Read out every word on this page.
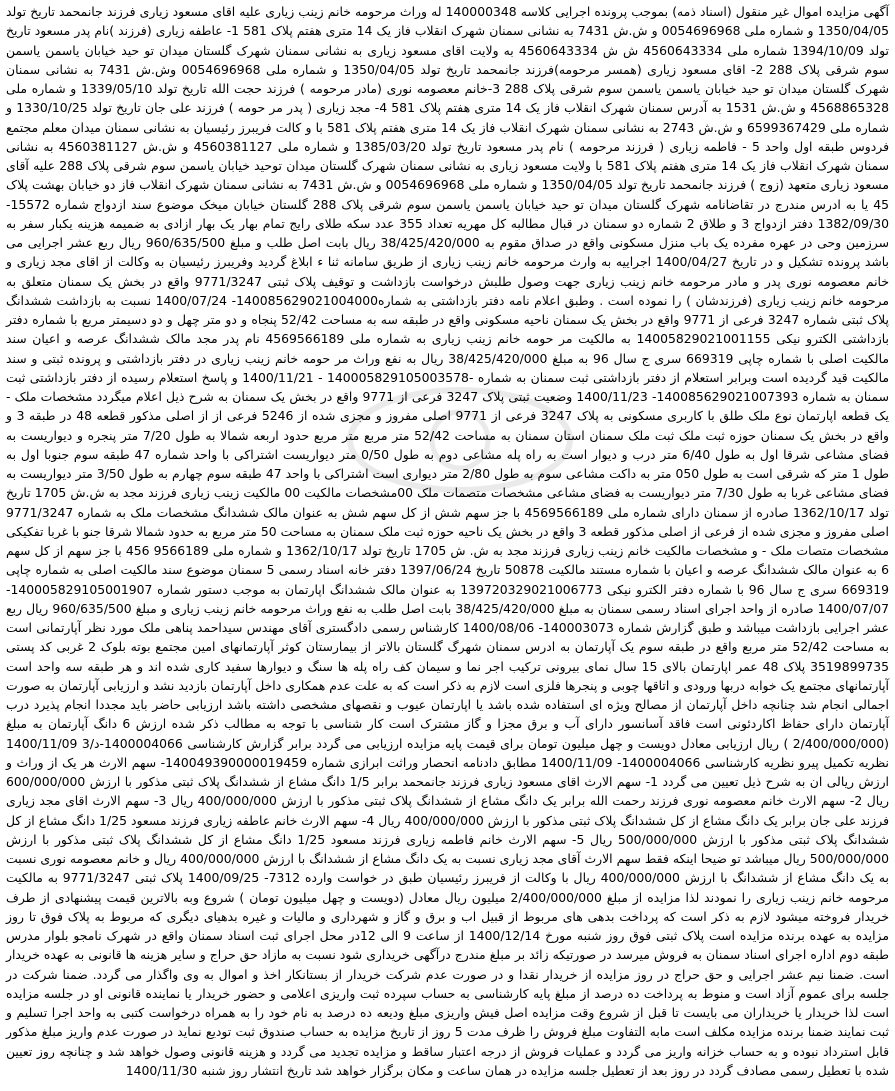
آگهی مزایده اموال غیر منقول (اسناد ذمه) بموجب پرونده اجرایی کلاسه 140000348 له وراث مرحومه خانم زینب زیاری علیه اقای مسعود زیاری فرزند جانمحمد تاریخ تولد 1350/04/05 و شماره ملی 0054696968 و ش.ش 7431 به نشانی سمنان شهرک انقلاب فاز یک 14 متری هفتم پلاک 581 1- عاطفه زیاری (فرزند )نام پدر مسعود تاریخ تولد 1394/10/09 شماره ملی 4560643334 ش ش 4560643334 به ولایت اقای مسعود زیاری به نشانی سمنان شهرک گلستان میدان تو حید خیابان یاسمن یاسمن سوم شرقی پلاک 288 2- اقای مسعود زیاری (همسر مرحومه)فرزند جانمحمد تاریخ تولد 1350/04/05 و شماره ملی 0054696968 وش.ش 7431 به نشانی سمنان شهرک گلستان میدان تو حید خیابان یاسمن یاسمن سوم شرقی پلاک 288 3-خانم معصومه نوری (مادر مرحومه ) فرزند حجت الله تاریخ تولد 1339/05/10 و شماره ملی 4568865328 و ش.ش 1531 به آدرس سمنان شهرک انقلاب فاز یک 14 متری هفتم پلاک 581 4- مجد زیاری ( پدر مر حومه ) فرزند علی جان تاریخ تولد 1330/10/25 و شماره ملی 6599367429 و ش.ش 2743 به نشانی سمنان شهرک انقلاب فاز یک 14 متری هفتم پلاک 581 با و کالت فریبرز رئیسیان به نشانی سمنان میدان معلم مجتمع فردوس طبقه اول واحد 5 - فاطمه زیاری ( فرزند مرحومه ) نام پدر مسعود تاریخ تولد 1385/03/20 و شماره ملی 4560381127 و ش.ش 4560381127 به نشانی سمنان شهرک انقلاب فاز یک 14 متری هفتم پلاک 581 با ولایت مسعود زیاری به نشانی سمنان شهرک گلستان میدان توحید خیابان یاسمن سوم شرقی پلاک 288 علیه آقای مسعود زیاری متعهد (زوج ) فرزند جانمحمد تاریخ تولد 1350/04/05 و شماره ملی 0054696968 و ش.ش 7431 به نشانی سمنان شهرک انقلاب فاز دو خیابان بهشت پلاک 45 یا به ادرس مندرج در تقاضانامه شهرک گلستان میدان تو حید خیابان یاسمن یاسمن سوم شرقی پلاک 288 گلستان خیابان میخک موضوع سند ازدواج شماره 15572- 1382/09/30 دفتر ازدواج 3 و طلاق 2 شماره دو سمنان در قبال مطالبه کل مهریه تعداد 355 عدد سکه طلای رایج تمام بهار یک بهار ازادی به ضمیمه هزینه یکبار سفر به سرزمین وحی در عهره مفرده یک باب منزل مسکونی واقع در صداق مقوم به 38/425/420/000 ریال بابت اصل طلب و مبلغ 960/635/500 ریال ربع عشر اجرایی می باشد پرونده تشکیل و در تاریخ 1400/04/27 اجراییه به وارث مرحومه خانم زینب زیاری از طریق سامانه ثنا ء ابلاغ گردید وفریبرز رئیسیان به وکالت از اقای مجد زیاری و خانم معصومه نوری پدر و مادر مرحومه خانم زینب زیاری جهت وصول طلبش درخواست بازداشت و توقیف پلاک ثبتی 9771/3247 واقع در بخش یک سمنان متعلق به مرحومه خانم زینب زیاری (فرزندشان ) را نموده است . وطبق اعلام نامه دفتر بازداشتی به شماره140085629021004000- 1400/07/24 نسبت به بازداشت ششدانگ پلاک ثبتی شماره 3247 فرعی از 9771 واقع در بخش یک سمنان ناحیه مسکونی واقع در طبقه سه به مساحت 52/42 پنجاه و دو متر چهل و دو دسیمتر مربع با شماره دفتر بازداشتی الکترو نیکی 14005829021001155 به مالکیت مر حومه خانم زینب زیاری به شماره ملی 4569566189 نام پدر مجد مالک ششدانگ عرصه و اعیان سند مالکیت اصلی با شماره چاپی 669319 سری ج سال 96 به مبلغ 38/425/420/000 ریال به نفع وراث مر حومه خانم زینب زیاری در دفتر بازداشتی و پرونده ثبتی و سند مالکیت قید گردیده است وبرابر استعلام از دفتر بازداشتی ثبت سمنان به شماره -140005829105003578 - 1400/11/21 و پاسخ استعلام رسیده از دفتر بازداشتی ثبت سمنان به شماره 140085629021007393- 1400/11/23 وضعیت ثبتی پلاک 3247 فرعی از 9771 واقع در بخش یک سمنان به شرح ذیل اعلام میگردد مشخصات ملک - یک قطعه اپارتمان نوع ملک طلق با کاربری مسکونی به پلاک 3247 فرعی از 9771 اصلی مفروز و مجزی شده از 5246 فرعی از از اصلی مذکور قطعه 48 در طبقه 3 و واقع در بخش یک سمنان حوزه ثبت ملک ثبت ملک سمنان استان سمنان به مساحت 52/42 متر مربع متر مربع حدود اربعه شمالا به طول 7/20 متر پنجره و دیواریست به فضای مشاعی شرقا اول به طول 6/40 متر درب و دیوار است به راه پله مشاعی دوم به طول 0/50 متر دیواریست اشتراکی با واحد شماره 47 طبقه سوم جنوبا اول به طول 1 متر که شرقی است به طول 050 متر به داکت مشاعی سوم به طول 2/80 متر دیواری است اشتراکی با واحد 47 طبقه سوم چهارم به طول 3/50 متر دیواریست به فضای مشاعی غربا به طول 7/30 متر دیواریست به فضای مشاعی مشخصات متصمات ملک 00مشخصات مالکیت 00 مالکیت زینب زیاری فرزند مجد به ش.ش 1705 تاریخ تولد 1362/10/17 صادره از سمنان دارای شماره ملی 4569566189 با جز سهم شش از کل سهم شش به عنوان مالک ششدانگ مشخصات ملک به شماره 9771/3247 اصلی مفروز و مجزی شده از فرعی از اصلی مذکور قطعه 3 واقع در بخش یک ناحیه حوزه ثبت ملک سمنان به مساحت 50 متر مربع به حدود شمالا شرقا جنو با غربا تفکیکی مشخصات متصات ملک - و مشخصات مالکیت خانم زینب زیاری فرزند مجد به ش. ش 1705 تاریخ تولد 1362/10/17 و شماره ملی 9566189 456 با جز سهم از کل سهم 6 به عنوان مالک ششدانگ عرصه و اعیان با شماره مستند مالکیت 50878 تاریخ 1397/06/24 دفتر خانه اسناد رسمی 5 سمنان موضوع سند مالکیت اصلی به شماره چاپی 669319 سری ج سال 96 با شماره دفتر الکترو نیکی 139720329021006773 به عنوان مالک ششدانگ اپارتمان به موجب دستور شماره 140005829105001907- 1400/07/07 صادره از واحد اجرای اسناد رسمی سمنان به مبلغ 38/425/420/000 بابت اصل طلب به نفع وراث مرحومه خانم زینب زیاری و مبلغ 960/635/500 ریال ربع عشر اجرایی بازداشت میباشد و طبق گزارش شماره 140003073- 1400/08/06 کارشناس رسمی دادگستری آقای مهندس سیداحمد پناهی ملک مورد نظر آپارتمانی است به مساحت 52/42 متر مربع واقع در طبقه سوم یک آپارتمان به ادرس سمنان شهرگ گلستان بالاتر از بیمارستان کوثر آپارتمانهای امین مجتمع بوته بلوک 2 غربی کد پستی 3519899735 پلاک 48 عمر اپارتمان بالای 15 سال نمای بیرونی ترکیب اجر نما و سیمان کف راه پله ها سنگ و دیوارها سفید کاری شده اند و هر طبقه سه واحد است آپارتمانهای مجتمع یک خوابه دربها ورودی و اتاقها چوبی و پنجرها فلزی است لازم به ذکر است که به علت عدم همکاری داخل آپارتمان بازدید نشد و ارزیابی آپارتمان به صورت اجمالی انجام شد چنانچه داخل آپارتمان از مصالح ویژه ای استفاده شده باشد یا اپارتمان عیوب و نقصهای مشخصی داشته باشد ارزیابی حاضر باید مجددا انجام پذیرد درب آپارتمان دارای حفاظ اکاردئونی است فاقد آسانسور دارای آب و برق مجزا و گاز مشترک است کار شناسی با توجه به مطالب ذکر شده ارزش 6 دانگ آپارتمان به مبلغ (2/400/000/000 ) ریال ارزیابی معادل دویست و چهل میلیون تومان برای قیمت پایه مزایده ارزیابی می گردد برابر گزارش کارشناسی 1400004066-د/3 1400/11/09 نظریه تکمیل پیرو نظریه کارشناسی 1400004066- 1400/11/09 مطابق دادنامه انحصار وراثت ابرازی شماره 140049390000019459- سهم الارث هر یک از وراث و ارزش ریالی ان به شرح ذیل تعیین می گردد 1- سهم الارث اقای مسعود زیاری فرزند جانمحمد برابر 1/5 دانگ مشاع از ششدانگ پلاک ثبتی مذکور با ارزش 600/000/000 ریال 2- سهم الارث خانم معصومه نوری فرزند رحمت الله برابر یک دانگ مشاع از ششدانگ پلاک ثبتی مذکور با ارزش 400/000/000 ریال 3- سهم الارث اقای مجد زیاری فرزند علی جان برابر یک دانگ مشاع از کل ششدانگ پلاک ثبتی مذکور با ارزش 400/000/000 ریال 4- سهم الارث خانم عاطفه زیاری فرزند مسعود 1/25 دانگ مشاع از کل ششدانگ پلاک ثبتی مذکور با ارزش 500/000/000 ریال 5- سهم الارث خانم فاطمه زیاری فرزند مسعود 1/25 دانگ مشاع از کل ششدانگ پلاک ثبتی مذکور با ارزش 500/000/000 ریال میباشد تو ضیحا اینکه فقط سهم الارث آقای مجد زیاری نسبت به یک دانگ مشاع از ششدانگ با ارزش 400/000/000 ریال و خانم معصومه نوری نسبت به یک دانگ مشاع از ششدانگ با ارزش 400/000/000 ریال با وکالت از فریبرز رئیسیان طبق در خواست وارده 7312- 1400/09/25 پلاک ثبتی 9771/3247 به مالکیت مرحومه خانم زینب زیاری را نمودند لذا مزایده از مبلغ 2/400/000/000 میلیون ریال معادل (دویست و چهل میلیون تومان ) شروع وبه بالاترین قیمت پیشنهادی از طرف خریدار فروخته میشود لازم به ذکر است که پرداخت بدهی های مربوط از قبیل اب و برق و گاز و شهرداری و مالیات و غیره بدهیای دیگری که مربوط به پلاک فوق تا روز مزایده به عهده برنده مزایده است پلاک ثبتی فوق روز شنبه مورخ 1400/12/14 از ساعت 9 الی 12در محل اجرای ثبت اسناد سمنان واقع در شهرک نامجو بلوار مدرس طبقه دوم اداره اجرای اسناد سمنان به فروش میرسد در صورتیکه زائد بر مبلغ مندرج درآگهی خریداری شود نسبت به مازاد حق حراج و سایر هزینه ها قانونی به عهده خریدار است. ضمنا نیم عشر اجرایی و حق حراج در روز مزایده از خریدار نقدا و در صورت عدم شرکت خریدار از بستانکار اخذ و اموال به وی واگذار می گردد. ضمنا شرکت در جلسه برای عموم آزاد است و منوط به پرداخت ده درصد از مبلغ پایه کارشناسی به حساب سپرده ثبت واریزی اعلامی و حضور خریدار یا نماینده قانونی او در جلسه مزایده است لذا خریدار یا خریداران می بایست تا قبل از شروع وقت مزایده اصل فیش واریزی مبلغ ودیعه ده درصد به نام خود را به همراه درخواست کتبی به واحد اجرا تسلیم و ثبت نمایند ضمنا برنده مزایده مکلف است مابه التفاوت مبلغ فروش را ظرف مدت 5 روز از تاریخ مزایده به حساب صندوق ثبت تودیع نماید در صورت عدم واریز مبلغ مذکور قابل استرداد نبوده و به حساب خزانه واریز می گردد و عملیات فروش از درجه اعتبار ساقط و مزایده تجدید می گردد و هزینه قانونی وصول خواهد شد و چنانچه روز تعیین شده با تعطیل رسمی مصادف گردد در روز بعد از تعطیل جلسه مزایده در همان ساعت و مکان برگزار خواهد شد تاریخ انتشار روز شنبه 1400/11/30
